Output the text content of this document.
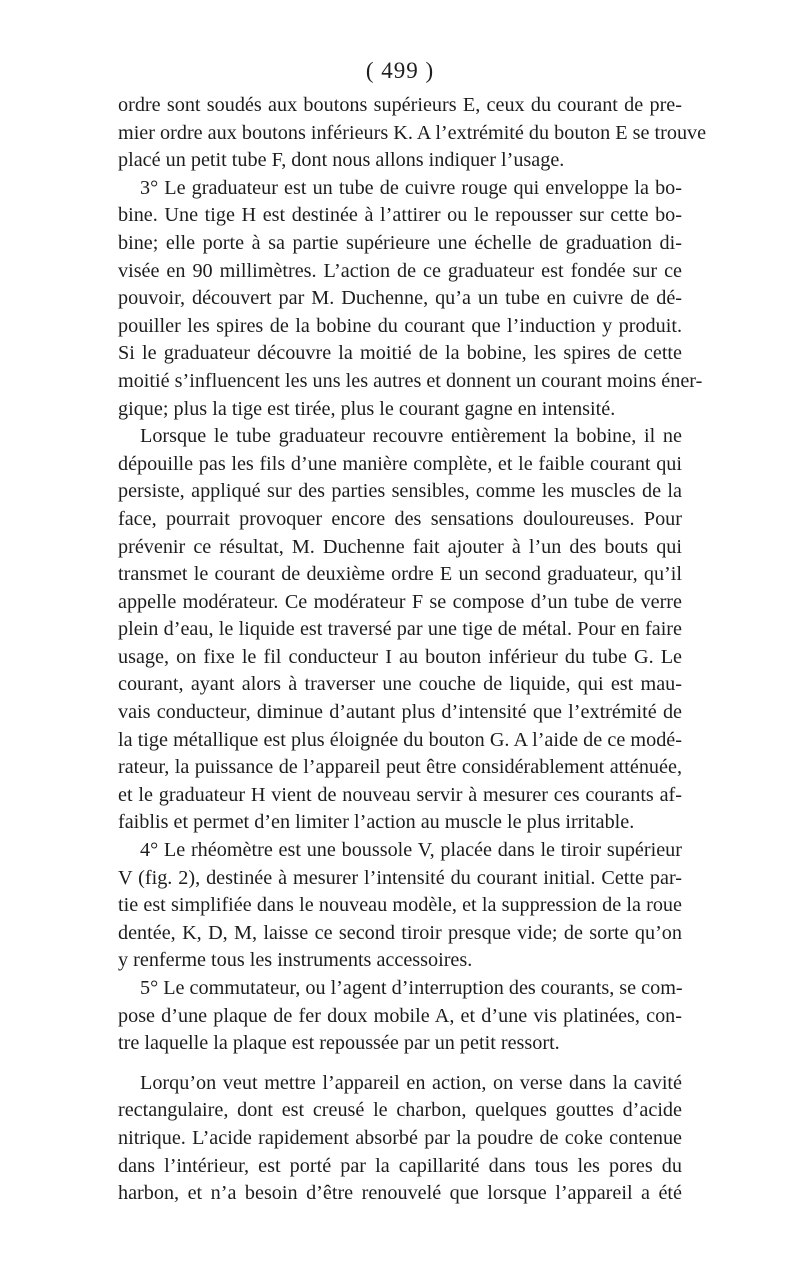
( 499 )
ordre sont soudés aux boutons supérieurs E, ceux du courant de pre-
mier ordre aux boutons inférieurs K. A l’extrémité du bouton E se trouve
placé un petit tube F, dont nous allons indiquer l’usage.
3° Le graduateur est un tube de cuivre rouge qui enveloppe la bo-
bine. Une tige H est destinée à l’attirer ou le repousser sur cette bo-
bine; elle porte à sa partie supérieure une échelle de graduation di-
visée en 90 millimètres. L’action de ce graduateur est fondée sur ce
pouvoir, découvert par M. Duchenne, qu’a un tube en cuivre de dé-
pouiller les spires de la bobine du courant que l’induction y produit.
Si le graduateur découvre la moitié de la bobine, les spires de cette
moitié s’influencent les uns les autres et donnent un courant moins éner-
gique; plus la tige est tirée, plus le courant gagne en intensité.
Lorsque le tube graduateur recouvre entièrement la bobine, il ne
dépouille pas les fils d’une manière complète, et le faible courant qui
persiste, appliqué sur des parties sensibles, comme les muscles de la
face, pourrait provoquer encore des sensations douloureuses. Pour
prévenir ce résultat, M. Duchenne fait ajouter à l’un des bouts qui
transmet le courant de deuxième ordre E un second graduateur, qu’il
appelle modérateur. Ce modérateur F se compose d’un tube de verre
plein d’eau, le liquide est traversé par une tige de métal. Pour en faire
usage, on fixe le fil conducteur I au bouton inférieur du tube G. Le
courant, ayant alors à traverser une couche de liquide, qui est mau-
vais conducteur, diminue d’autant plus d’intensité que l’extrémité de
la tige métallique est plus éloignée du bouton G. A l’aide de ce modé-
rateur, la puissance de l’appareil peut être considérablement atténuée,
et le graduateur H vient de nouveau servir à mesurer ces courants af-
faiblis et permet d’en limiter l’action au muscle le plus irritable.
4° Le rhéomètre est une boussole V, placée dans le tiroir supérieur
V (fig. 2), destinée à mesurer l’intensité du courant initial. Cette par-
tie est simplifiée dans le nouveau modèle, et la suppression de la roue
dentée, K, D, M, laisse ce second tiroir presque vide; de sorte qu’on
y renferme tous les instruments accessoires.
5° Le commutateur, ou l’agent d’interruption des courants, se com-
pose d’une plaque de fer doux mobile A, et d’une vis platinées, con-
tre laquelle la plaque est repoussée par un petit ressort.
Lorqu’on veut mettre l’appareil en action, on verse dans la cavité
rectangulaire, dont est creusé le charbon, quelques gouttes d’acide
nitrique. L’acide rapidement absorbé par la poudre de coke contenue
dans l’intérieur, est porté par la capillarité dans tous les pores du
harbon, et n’a besoin d’être renouvelé que lorsque l’appareil a été
